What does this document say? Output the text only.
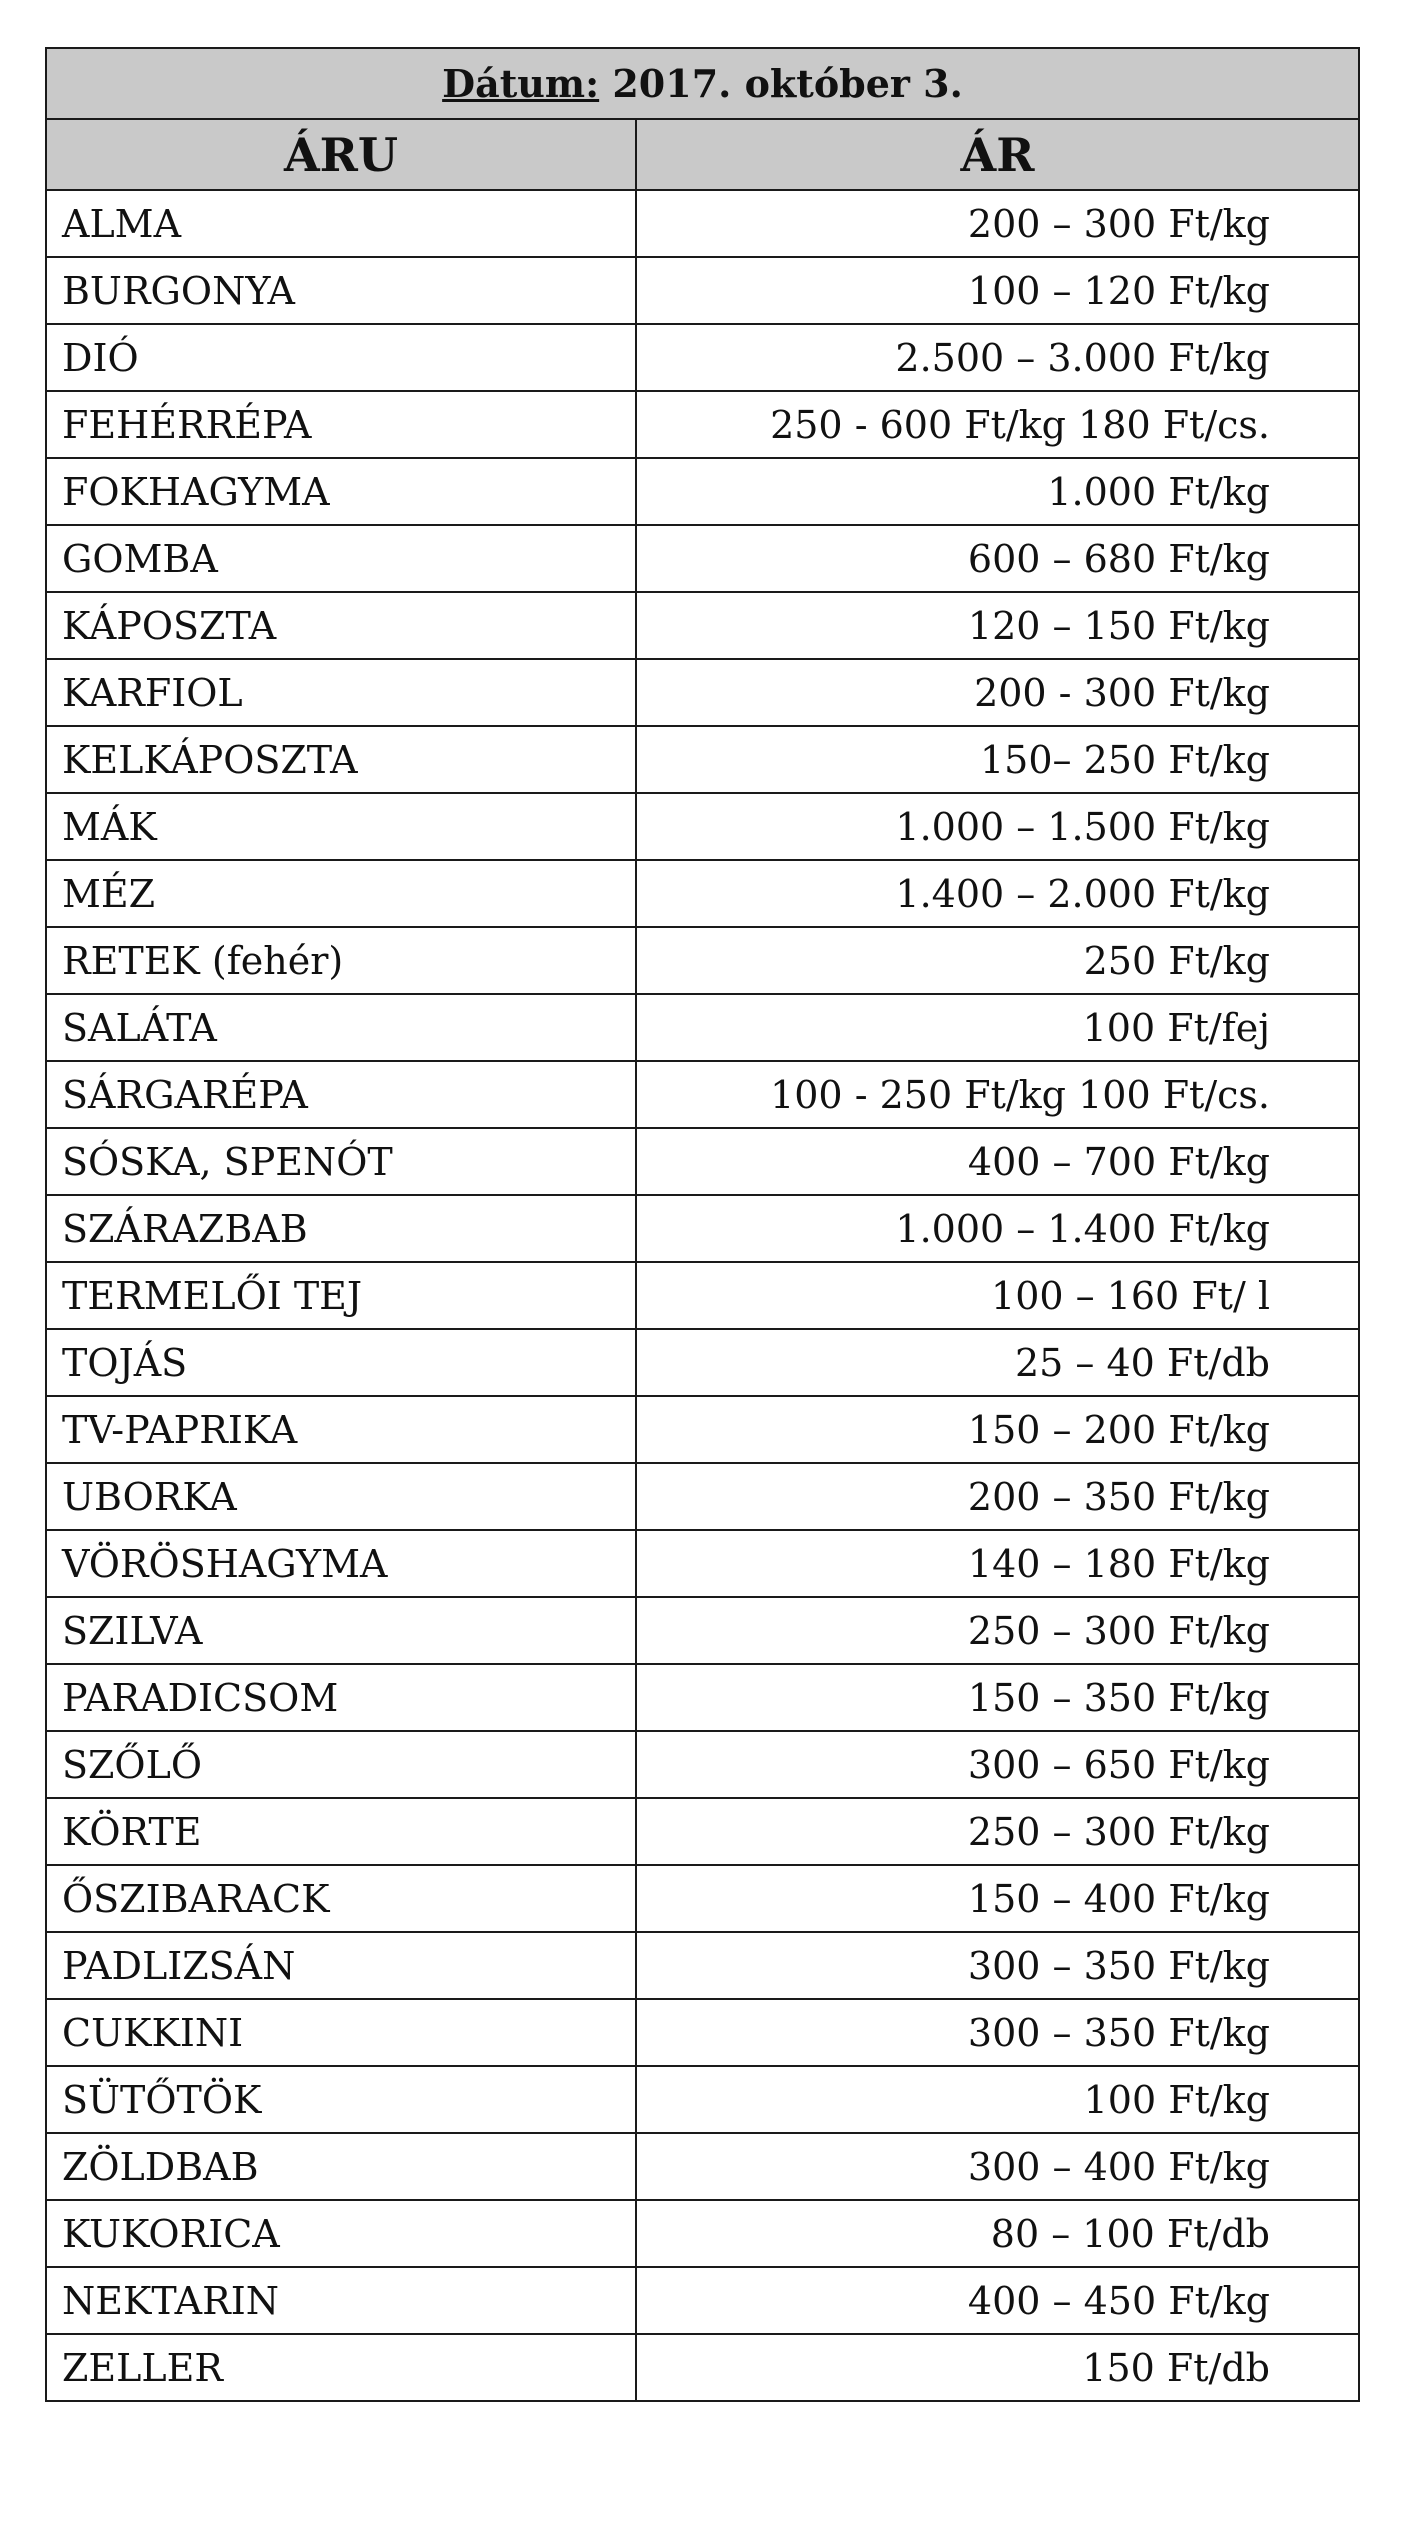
Dátum: 2017. október 3.	
ÁRU	ÁR
ALMA	200 – 300 Ft/kg
BURGONYA	100 – 120 Ft/kg
DIÓ	2.500 – 3.000 Ft/kg
FEHÉRRÉPA	250 - 600 Ft/kg 180 Ft/cs.
FOKHAGYMA	1.000 Ft/kg
GOMBA	600 – 680 Ft/kg
KÁPOSZTA	120 – 150 Ft/kg
KARFIOL	200 - 300 Ft/kg
KELKÁPOSZTA	150– 250 Ft/kg
MÁK	1.000 – 1.500 Ft/kg
MÉZ	1.400 – 2.000 Ft/kg
RETEK (fehér)	250 Ft/kg
SALÁTA	100 Ft/fej
SÁRGARÉPA	100 - 250 Ft/kg 100 Ft/cs.
SÓSKA, SPENÓT	400 – 700 Ft/kg
SZÁRAZBAB	1.000 – 1.400 Ft/kg
TERMELŐI TEJ	100 – 160 Ft/ l
TOJÁS	25 – 40 Ft/db
TV-PAPRIKA	150 – 200 Ft/kg
UBORKA	200 – 350 Ft/kg
VÖRÖSHAGYMA	140 – 180 Ft/kg
SZILVA	250 – 300 Ft/kg
PARADICSOM	150 – 350 Ft/kg
SZŐLŐ	300 – 650 Ft/kg
KÖRTE	250 – 300 Ft/kg
ŐSZIBARACK	150 – 400 Ft/kg
PADLIZSÁN	300 – 350 Ft/kg
CUKKINI	300 – 350 Ft/kg
SÜTŐTÖK	100 Ft/kg
ZÖLDBAB	300 – 400 Ft/kg
KUKORICA	80 – 100 Ft/db
NEKTARIN	400 – 450 Ft/kg
ZELLER	150 Ft/db
